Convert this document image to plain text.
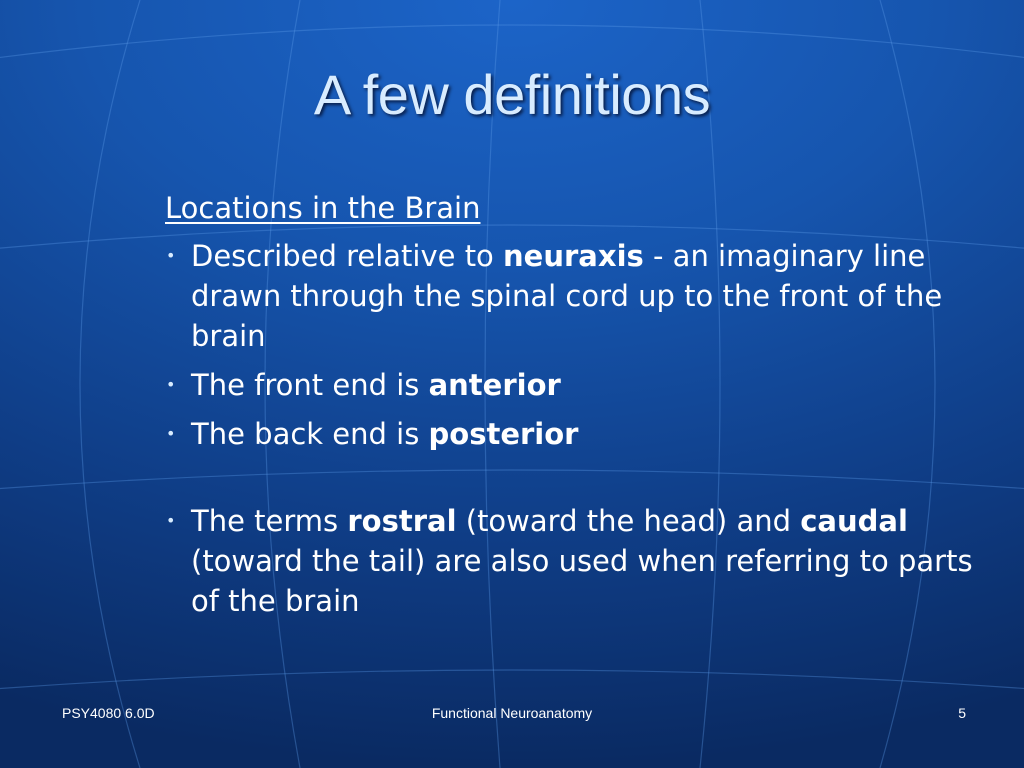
A few definitions
Locations in the Brain
• Described relative to neuraxis - an imaginary line drawn through the spinal cord up to the front of the brain
• The front end is anterior
• The back end is posterior
• The terms rostral (toward the head) and caudal (toward the tail) are also used when referring to parts of the brain
Functional Neuroanatomy
PSY4080 6.0D	5
